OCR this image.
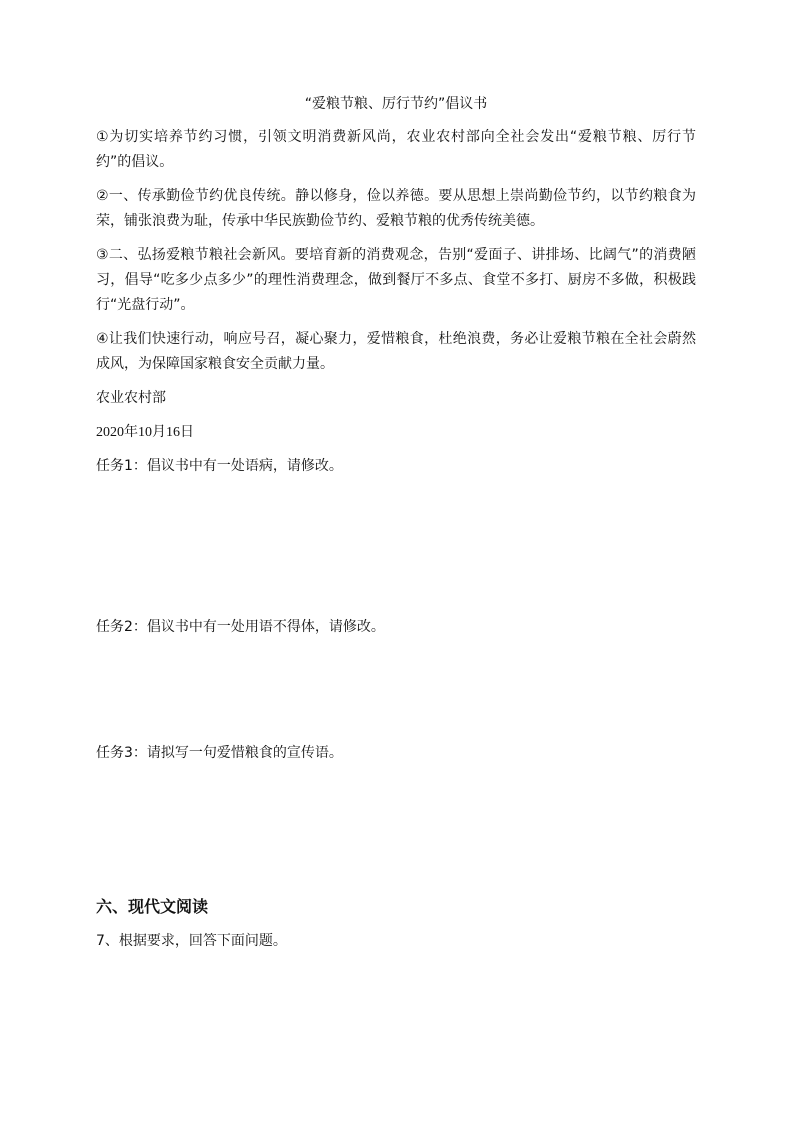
“爱粮节粮、厉行节约”倡议书
①为切实培养节约习惯，引领文明消费新风尚，农业农村部向全社会发出“爱粮节粮、厉行节约”的倡议。
②一、传承勤俭节约优良传统。静以修身，俭以养德。要从思想上崇尚勤俭节约，以节约粮食为荣，铺张浪费为耻，传承中华民族勤俭节约、爱粮节粮的优秀传统美德。
③二、弘扬爱粮节粮社会新风。要培育新的消费观念，告别“爱面子、讲排场、比阔气”的消费陋习，倡导“吃多少点多少”的理性消费理念，做到餐厅不多点、食堂不多打、厨房不多做，积极践行“光盘行动”。
④让我们快速行动，响应号召，凝心聚力，爱惜粮食，杜绝浪费，务必让爱粮节粮在全社会蔚然成风，为保障国家粮食安全贡献力量。
农业农村部
2020年10月16日
任务1：倡议书中有一处语病，请修改。
任务2：倡议书中有一处用语不得体，请修改。
任务3：请拟写一句爱惜粮食的宣传语。
六、现代文阅读
7、根据要求，回答下面问题。
